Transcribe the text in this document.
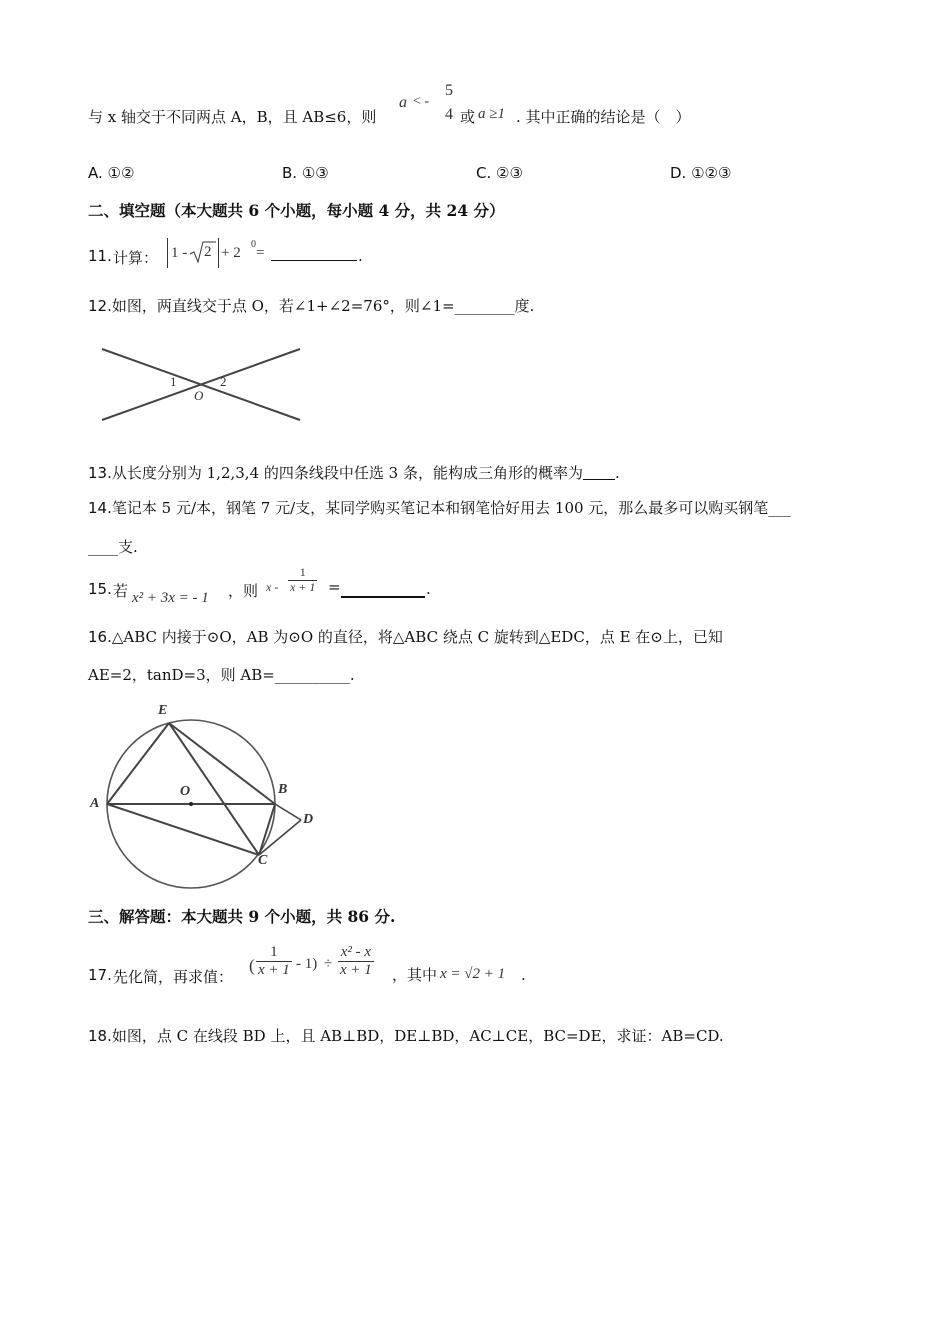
与 x 轴交于不同两点 A，B，且 AB≤6，则
a < -
5
4 或 a ≥1 . 其中正确的结论是（　）
A. ①②	B. ①③	C. ②③	D. ①②③
二、填空题（本大题共 6 个小题，每小题 4 分，共 24 分）
11. 计算： 1 - 2 + 2
0
=	.
12.如图，两直线交于点 O，若∠1+∠2=76°，则∠1=________度.
1	2
O
13.从长度分别为 1,2,3,4 的四条线段中任选 3 条，能构成三角形的概率为 .
14.笔记本 5 元/本，钢笔 7 元/支，某同学购买笔记本和钢笔恰好用去 100 元，那么最多可以购买钢笔___
____支.
15. 若 x² + 3x = - 1 ，则 x - $\frac{1}{x + 1}$ =	.
16.△ABC 内接于⊙O，AB 为⊙O 的直径，将△ABC 绕点 C 旋转到△EDC，点 E 在⊙上，已知
AE=2，tanD=3，则 AB=__________.
E
A
O	B
D
C
三、解答题：本大题共 9 个小题，共 86 分.
17. 先化简，再求值：
( $\frac{1}{x + 1} - 1) \div \frac{\text{x² - x}}{x + 1}$ ，其中 x = √2 + 1 .
18.如图，点 C 在线段 BD 上，且 AB⊥BD，DE⊥BD，AC⊥CE，BC=DE，求证：AB=CD.
